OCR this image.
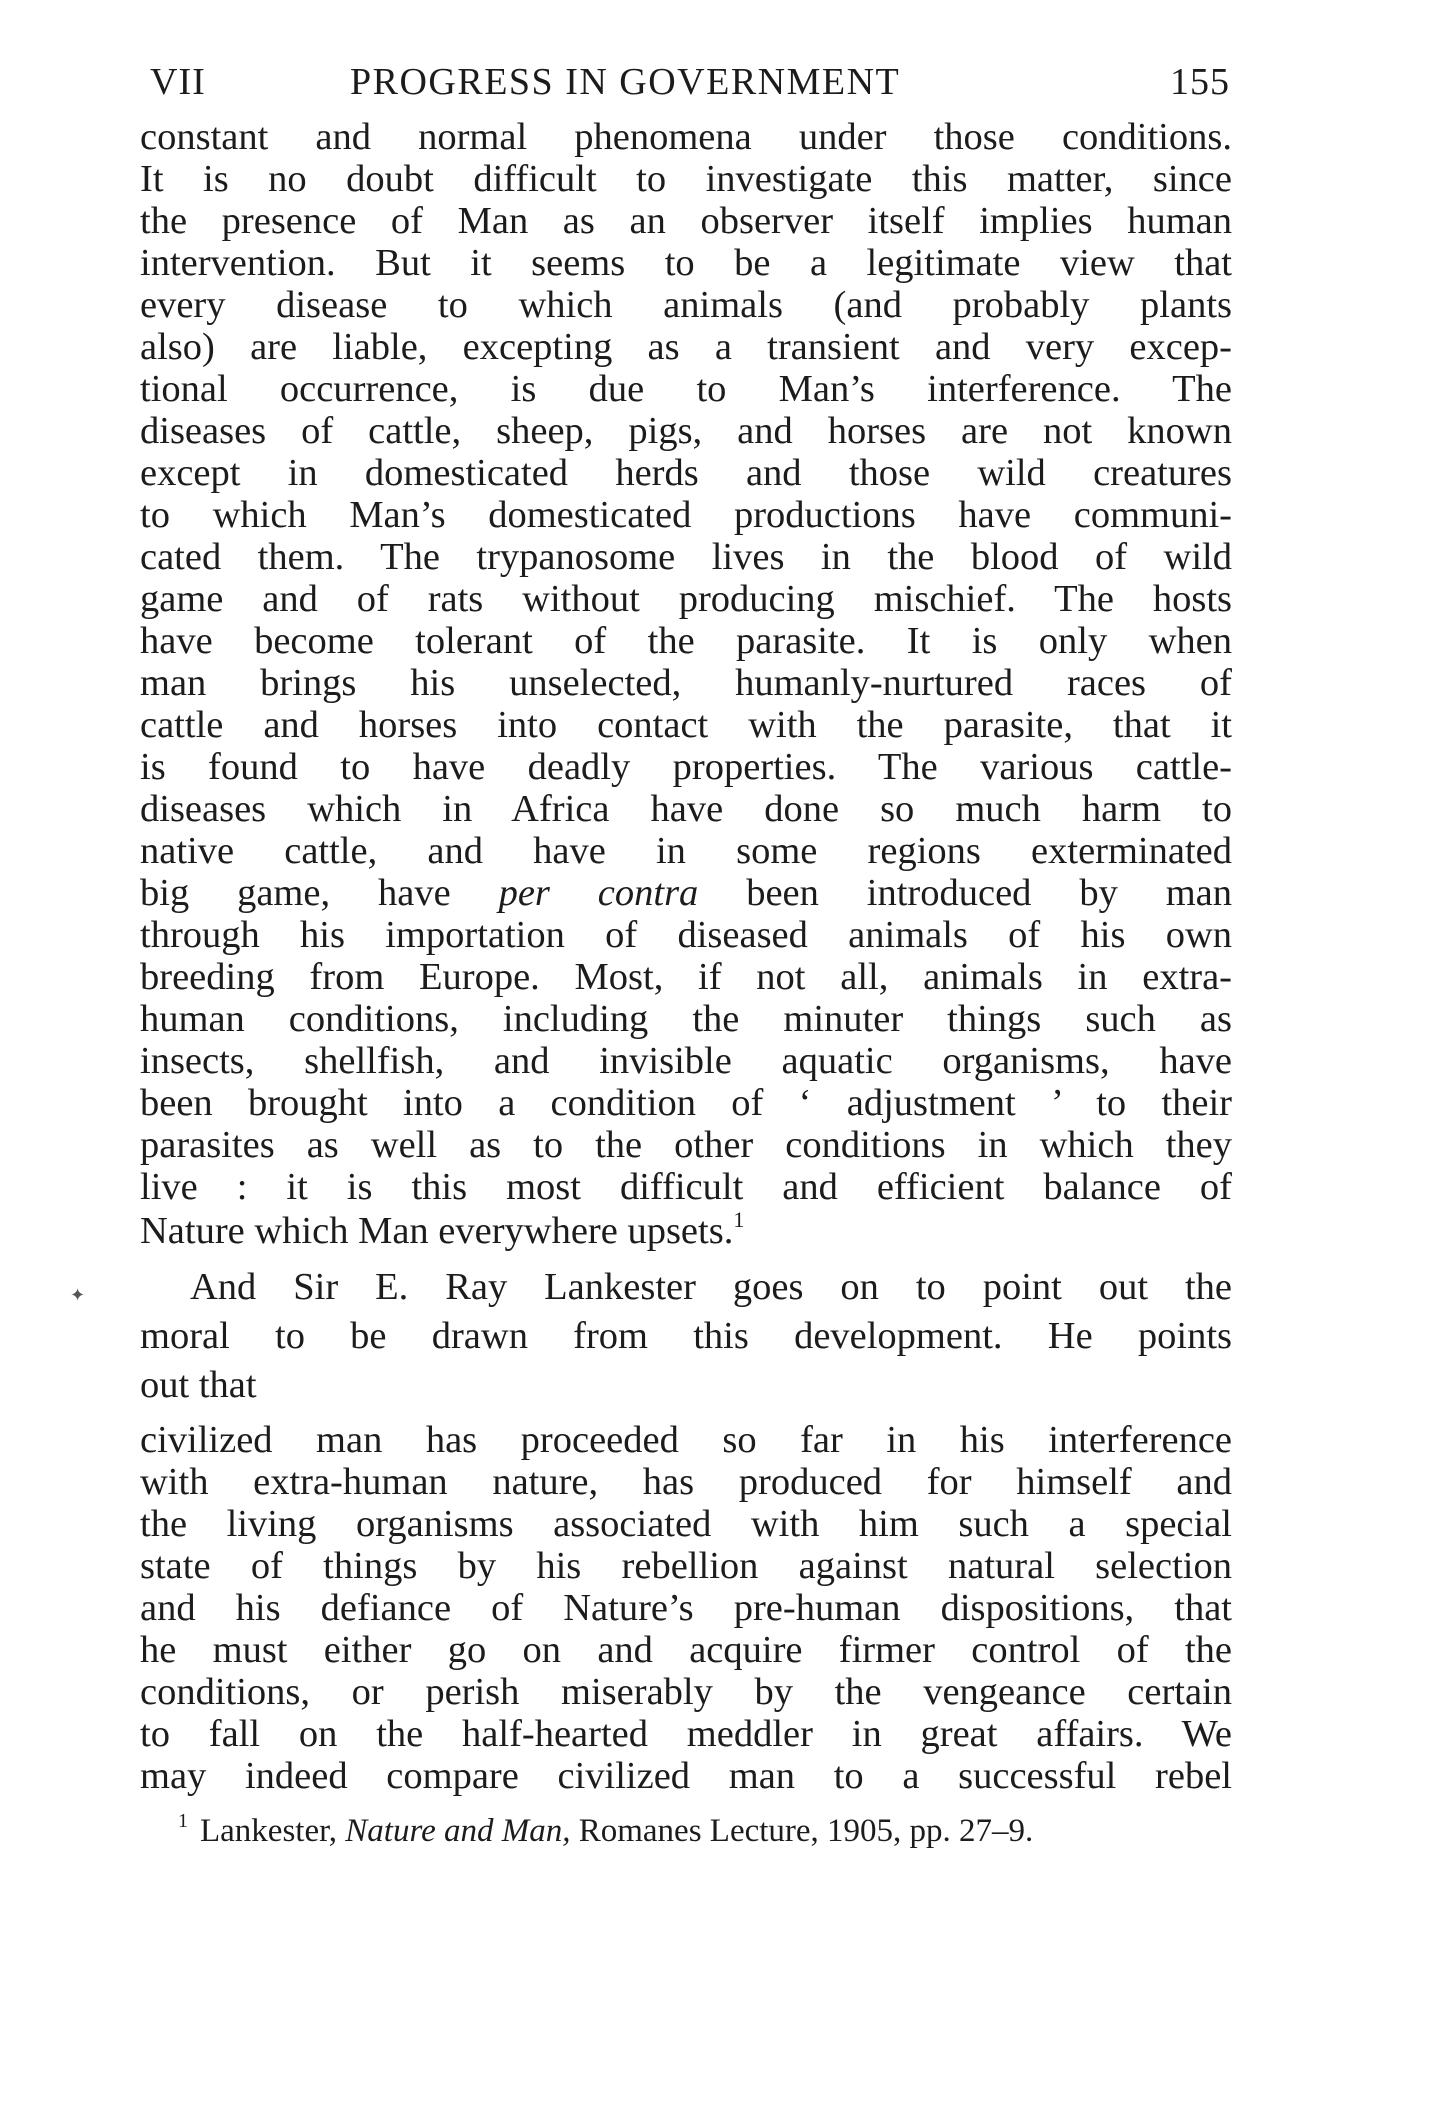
VII	PROGRESS IN GOVERNMENT	155
constant and normal phenomena under those conditions.
It is no doubt difficult to investigate this matter, since
the presence of Man as an observer itself implies human
intervention. But it seems to be a legitimate view that
every disease to which animals (and probably plants
also) are liable, excepting as a transient and very excep-
tional occurrence, is due to Man’s interference. The
diseases of cattle, sheep, pigs, and horses are not known
except in domesticated herds and those wild creatures
to which Man’s domesticated productions have communi-
cated them. The trypanosome lives in the blood of wild
game and of rats without producing mischief. The hosts
have become tolerant of the parasite. It is only when
man brings his unselected, humanly-nurtured races of
cattle and horses into contact with the parasite, that it
is found to have deadly properties. The various cattle-
diseases which in Africa have done so much harm to
native cattle, and have in some regions exterminated
big game, have per contra been introduced by man
through his importation of diseased animals of his own
breeding from Europe. Most, if not all, animals in extra-
human conditions, including the minuter things such as
insects, shellfish, and invisible aquatic organisms, have
been brought into a condition of ‘ adjustment ’ to their
parasites as well as to the other conditions in which they
live : it is this most difficult and efficient balance of
Nature which Man everywhere upsets.$^1$
✦	And Sir E. Ray Lankester goes on to point out the
moral to be drawn from this development. He points
out that
civilized man has proceeded so far in his interference
with extra-human nature, has produced for himself and
the living organisms associated with him such a special
state of things by his rebellion against natural selection
and his defiance of Nature’s pre-human dispositions, that
he must either go on and acquire firmer control of the
conditions, or perish miserably by the vengeance certain
to fall on the half-hearted meddler in great affairs. We
may indeed compare civilized man to a successful rebel
$^1$ Lankester, Nature and Man, Romanes Lecture, 1905, pp. 27–9.
